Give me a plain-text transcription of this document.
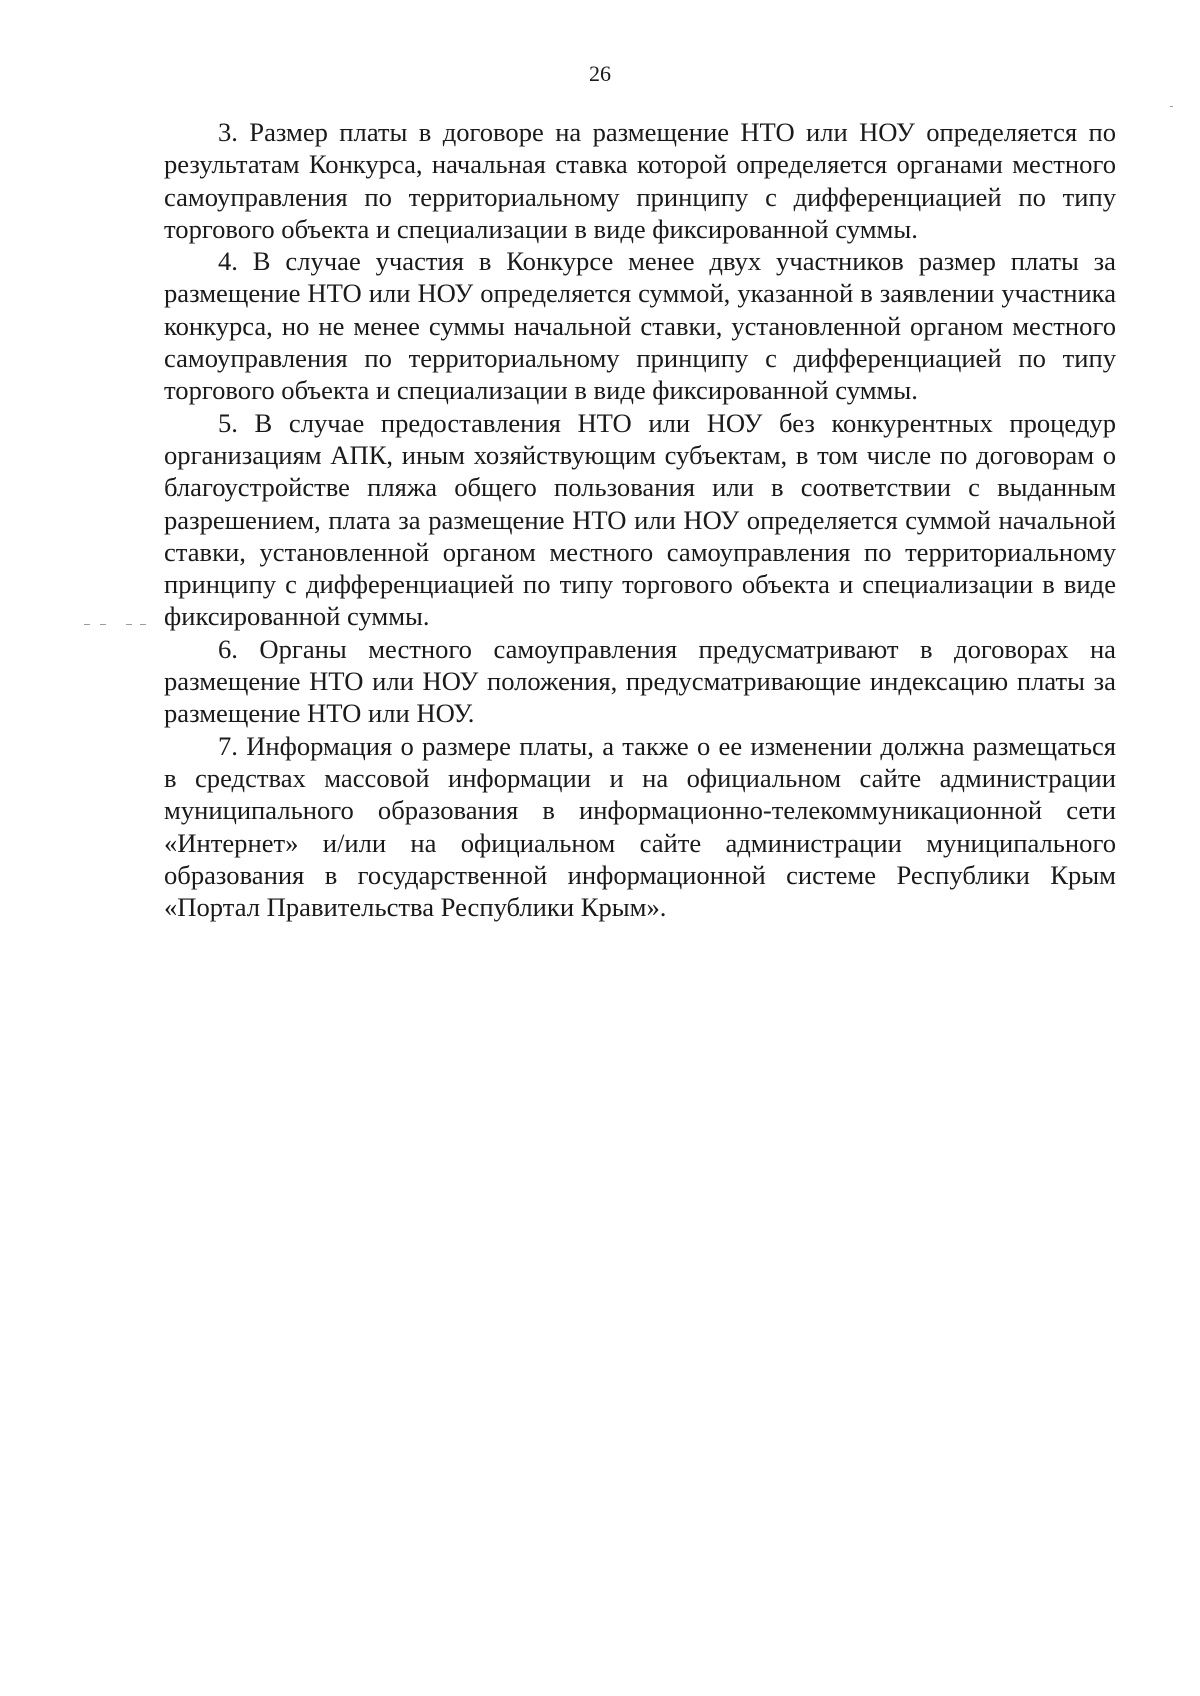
26

3. Размер платы в договоре на размещение НТО или НОУ определяется по результатам Конкурса, начальная ставка которой определяется органами местного самоуправления по территориальному принципу с дифференциацией по типу торгового объекта и специализации в виде фиксированной суммы.

4. В случае участия в Конкурсе менее двух участников размер платы за размещение НТО или НОУ определяется суммой, указанной в заявлении участника конкурса, но не менее суммы начальной ставки, установленной органом местного самоуправления по территориальному принципу с дифференциацией по типу торгового объекта и специализации в виде фиксированной суммы.

5. В случае предоставления НТО или НОУ без конкурентных процедур организациям АПК, иным хозяйствующим субъектам, в том числе по договорам о благоустройстве пляжа общего пользования или в соответствии с выданным разрешением, плата за размещение НТО или НОУ определяется суммой начальной ставки, установленной органом местного самоуправления по территориальному принципу с дифференциацией по типу торгового объекта и специализации в виде фиксированной суммы.

6. Органы местного самоуправления предусматривают в договорах на размещение НТО или НОУ положения, предусматривающие индексацию платы за размещение НТО или НОУ.

7. Информация о размере платы, а также о ее изменении должна размещаться в средствах массовой информации и на официальном сайте администрации муниципального образования в информационно-телекоммуникационной сети «Интернет» и/или на официальном сайте администрации муниципального образования в государственной информационной системе Республики Крым «Портал Правительства Республики Крым».
